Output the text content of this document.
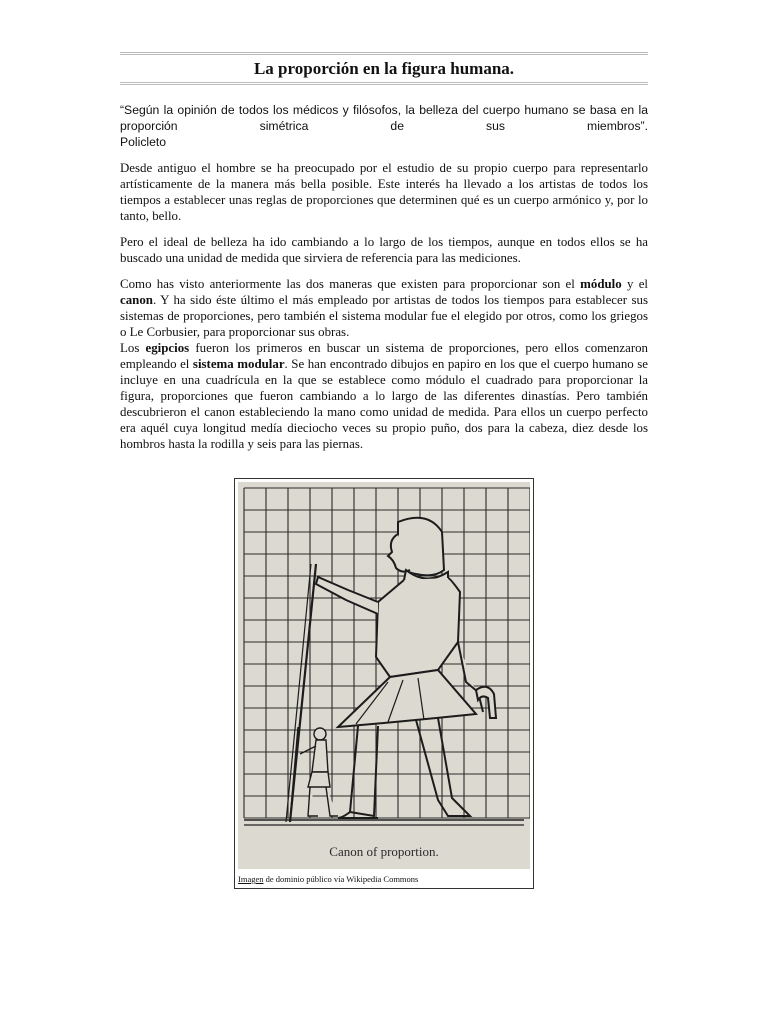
La proporción en la figura humana.
“Según la opinión de todos los médicos y filósofos, la belleza del cuerpo humano se basa en la proporción simétrica de sus miembros”.
Policleto

Desde antiguo el hombre se ha preocupado por el estudio de su propio cuerpo para representarlo artísticamente de la manera más bella posible. Este interés ha llevado a los artistas de todos los tiempos a establecer unas reglas de proporciones que determinen qué es un cuerpo armónico y, por lo tanto, bello.

Pero el ideal de belleza ha ido cambiando a lo largo de los tiempos, aunque en todos ellos se ha buscado una unidad de medida que sirviera de referencia para las mediciones.

Como has visto anteriormente las dos maneras que existen para proporcionar son el módulo y el canon. Y ha sido éste último el más empleado por artistas de todos los tiempos para establecer sus sistemas de proporciones, pero también el sistema modular fue el elegido por otros, como los griegos o Le Corbusier, para proporcionar sus obras.

Los egipcios fueron los primeros en buscar un sistema de proporciones, pero ellos comenzaron empleando el sistema modular. Se han encontrado dibujos en papiro en los que el cuerpo humano se incluye en una cuadrícula en la que se establece como módulo el cuadrado para proporcionar la figura, proporciones que fueron cambiando a lo largo de las diferentes dinastías. Pero también descubrieron el canon estableciendo la mano como unidad de medida. Para ellos un cuerpo perfecto era aquél cuya longitud medía dieciocho veces su propio puño, dos para la cabeza, diez desde los hombros hasta la rodilla y seis para las piernas.

Canon of proportion.
Imagen de dominio público vía Wikipedia Commons
